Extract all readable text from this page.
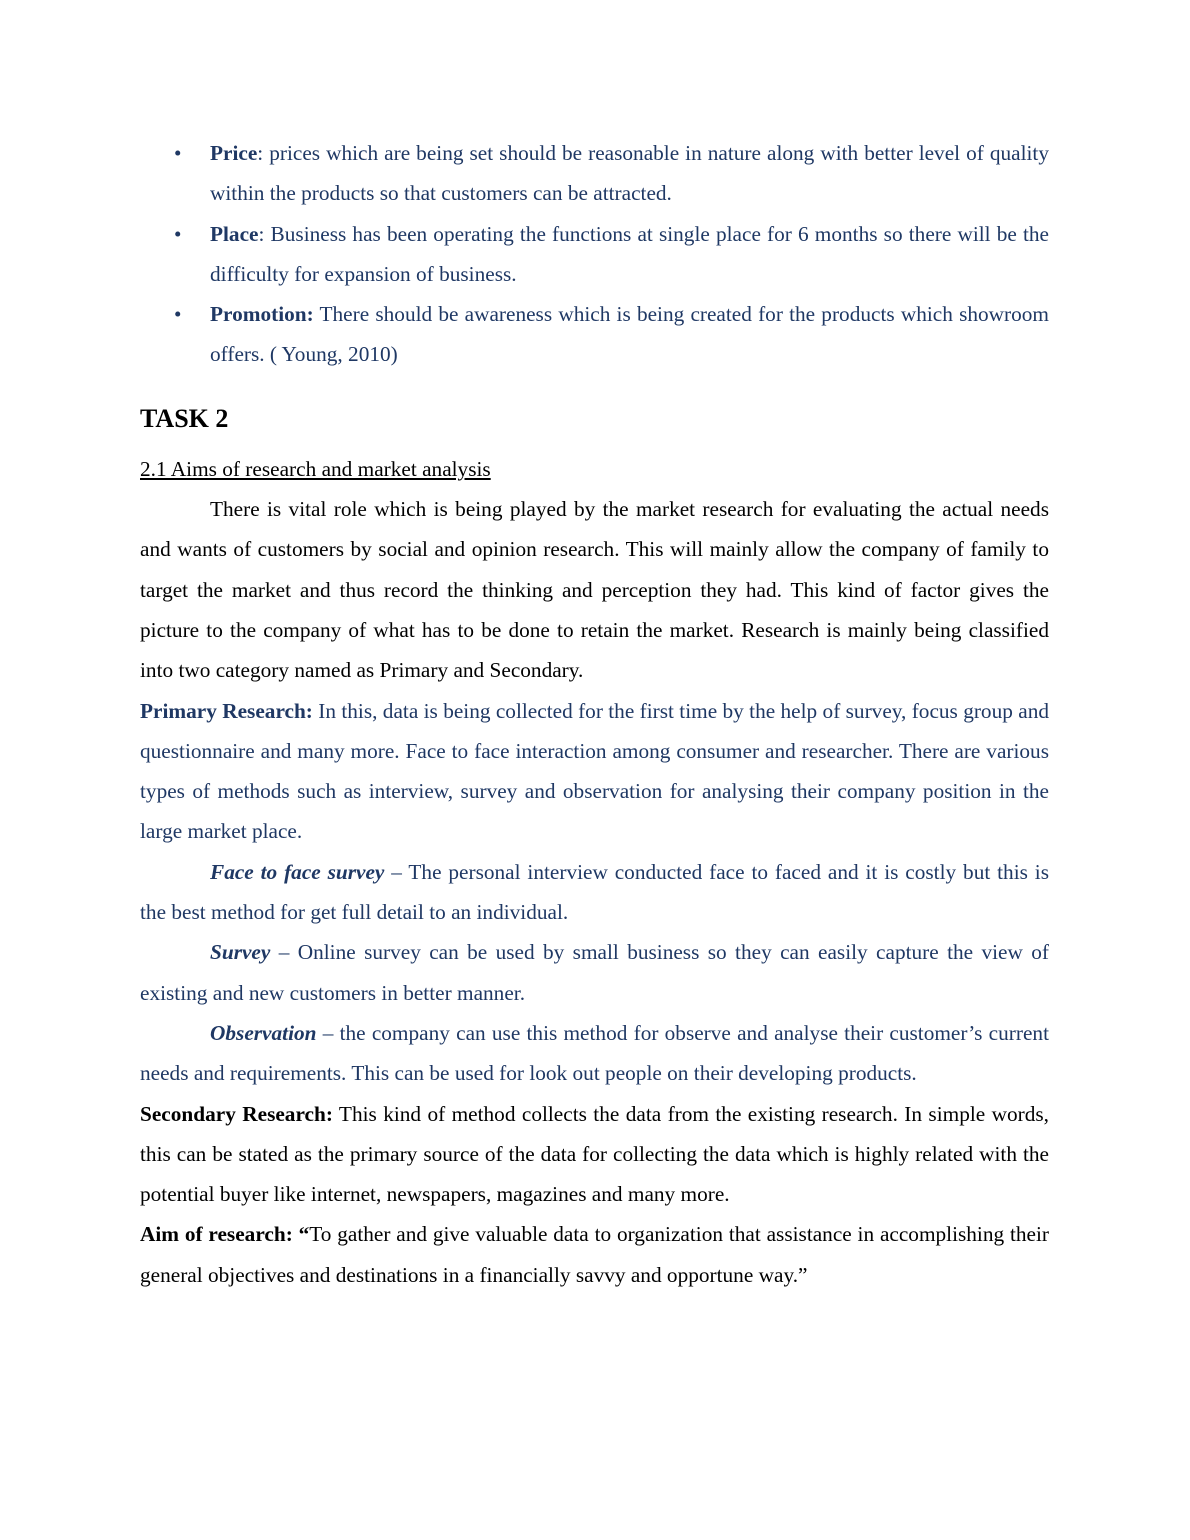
• Price: prices which are being set should be reasonable in nature along with better level of quality within the products so that customers can be attracted.
• Place: Business has been operating the functions at single place for 6 months so there will be the difficulty for expansion of business.
• Promotion: There should be awareness which is being created for the products which showroom offers. ( Young, 2010)
TASK 2
2.1 Aims of research and market analysis

There is vital role which is being played by the market research for evaluating the actual needs and wants of customers by social and opinion research. This will mainly allow the company of family to target the market and thus record the thinking and perception they had. This kind of factor gives the picture to the company of what has to be done to retain the market. Research is mainly being classified into two category named as Primary and Secondary.

Primary Research: In this, data is being collected for the first time by the help of survey, focus group and questionnaire and many more. Face to face interaction among consumer and researcher. There are various types of methods such as interview, survey and observation for analysing their company position in the large market place.

Face to face survey – The personal interview conducted face to faced and it is costly but this is the best method for get full detail to an individual.

Survey – Online survey can be used by small business so they can easily capture the view of existing and new customers in better manner.

Observation – the company can use this method for observe and analyse their customer’s current needs and requirements. This can be used for look out people on their developing products.

Secondary Research: This kind of method collects the data from the existing research. In simple words, this can be stated as the primary source of the data for collecting the data which is highly related with the potential buyer like internet, newspapers, magazines and many more.

Aim of research: “To gather and give valuable data to organization that assistance in accomplishing their general objectives and destinations in a financially savvy and opportune way.”
